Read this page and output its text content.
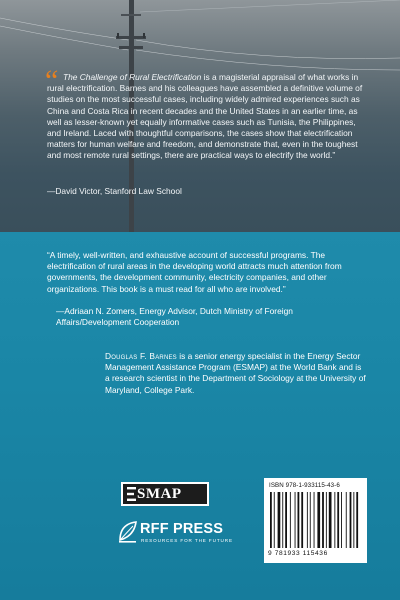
“ The Challenge of Rural Electrification is a magisterial appraisal of what works in rural electrification. Barnes and his colleagues have assembled a definitive volume of studies on the most successful cases, including widely admired experiences such as China and Costa Rica in recent decades and the United States in an earlier time, as well as lesser-known yet equally informative cases such as Tunisia, the Philippines, and Ireland. Laced with thoughtful comparisons, the cases show that electrification matters for human welfare and freedom, and demonstrate that, even in the toughest and most remote rural settings, there are practical ways to electrify the world.”
—David Victor, Stanford Law School
“A timely, well-written, and exhaustive account of successful programs. The electrification of rural areas in the developing world attracts much attention from governments, the development community, electricity companies, and other organizations. This book is a must read for all who are involved.”
—Adriaan N. Zomers, Energy Advisor, Dutch Ministry of Foreign Affairs/Development Cooperation
Douglas F. Barnes is a senior energy specialist in the Energy Sector Management Assistance Program (ESMAP) at the World Bank and is a research scientist in the Department of Sociology at the University of Maryland, College Park.
SMAP
RFF PRESS
RESOURCES FOR THE FUTURE
ISBN 978-1-933115-43-6
9 781933 115436
